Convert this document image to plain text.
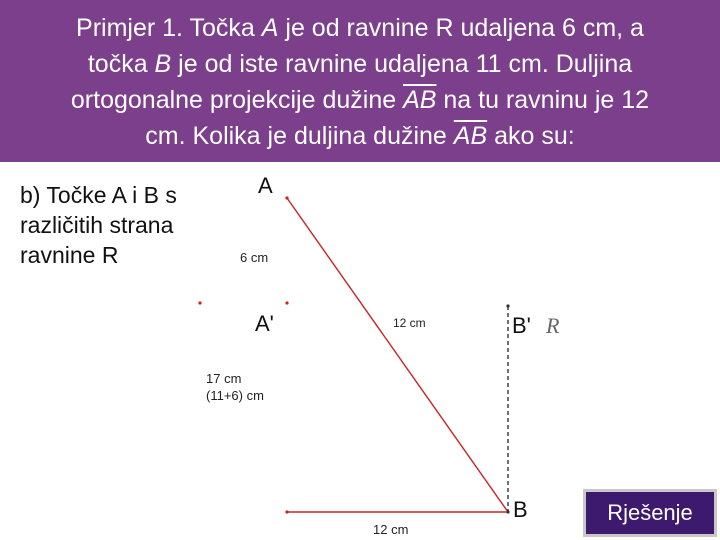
Primjer 1. Točka A je od ravnine R udaljena 6 cm, a
točka B je od iste ravnine udaljena 11 cm. Duljina
ortogonalne projekcije dužine $\overline{AB}$ na tu ravninu je 12
cm. Kolika je duljina dužine $\overline{AB}$ ako su:
b) Točke A i B s
različitih strana
ravnine R
A
6 cm
A'	12 cm	B' R
17 cm
(11+6) cm
B
12 cm
Rješenje
